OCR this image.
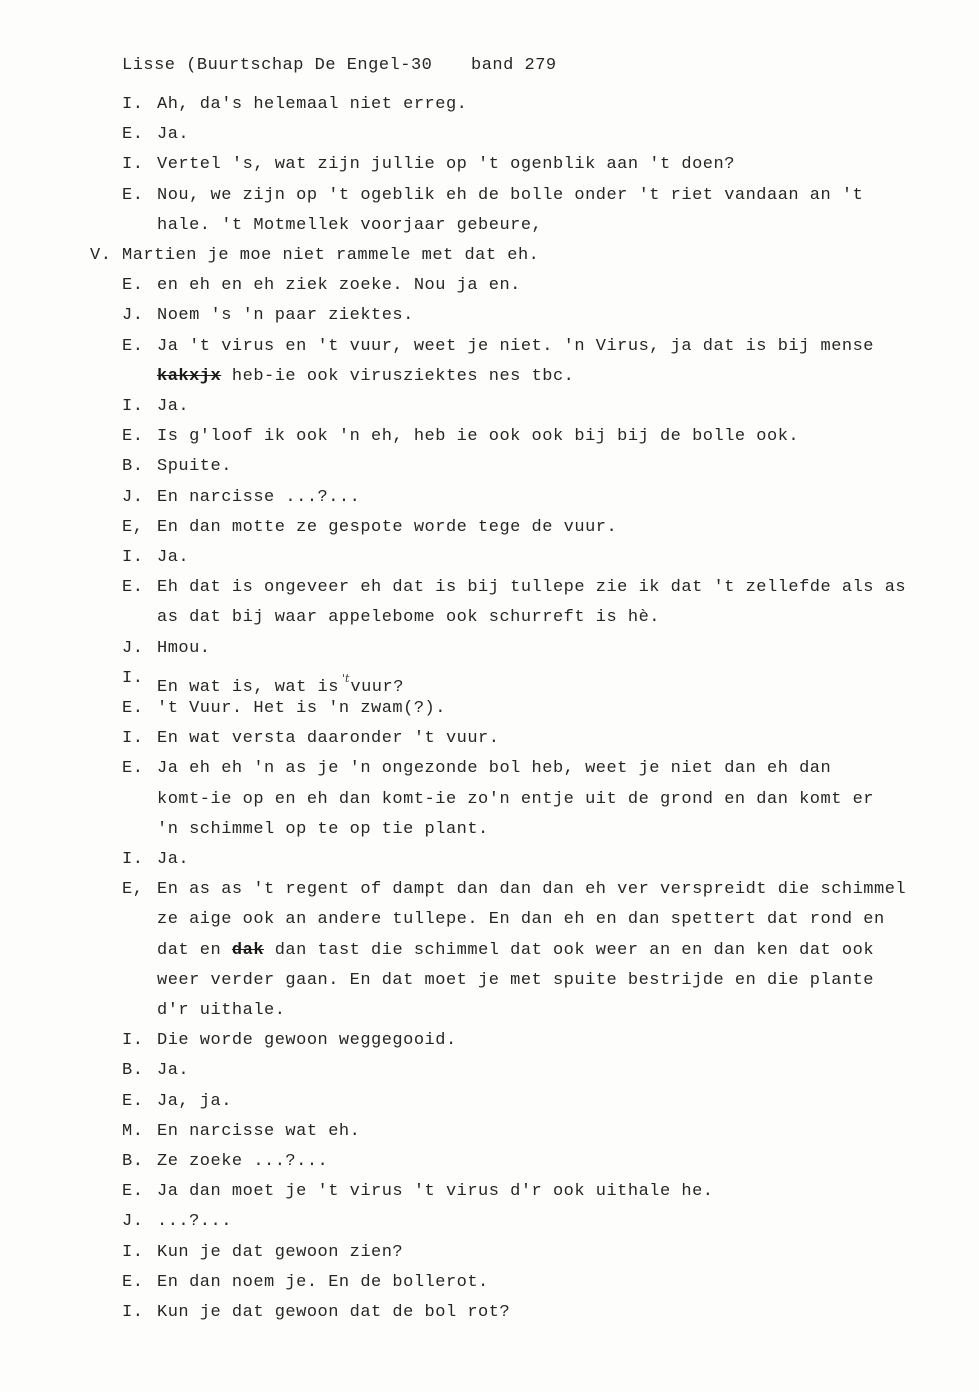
Lisse (Buurtschap De Engel-30 band 279
I. Ah, da's helemaal niet erreg.
E. Ja.
I. Vertel 's, wat zijn jullie op 't ogenblik aan 't doen?
E. Nou, we zijn op 't ogeblik eh de bolle onder 't riet vandaan an 't
hale. 't Motmellek voorjaar gebeure,
V. Martien je moe niet rammele met dat eh.
E. en eh en eh ziek zoeke. Nou ja en.
J. Noem 's 'n paar ziektes.
E. Ja 't virus en 't vuur, weet je niet. 'n Virus, ja dat is bij mense
kakxjx heb-ie ook virusziektes nes tbc.
I. Ja.
E. Is g'loof ik ook 'n eh, heb ie ook ook bij bij de bolle ook.
B. Spuite.
J. En narcisse ...?...
E, En dan motte ze gespote worde tege de vuur.
I. Ja.
E. Eh dat is ongeveer eh dat is bij tullepe zie ik dat 't zellefde als as
as dat bij waar appelebome ook schurreft is hè.
J. Hmou.
I. En wat is, wat is $^{'t}$vuur?
E. 't Vuur. Het is 'n zwam(?).
I. En wat versta daaronder 't vuur.
E. Ja eh eh 'n as je 'n ongezonde bol heb, weet je niet dan eh dan
komt-ie op en eh dan komt-ie zo'n entje uit de grond en dan komt er
'n schimmel op te op tie plant.
I. Ja.
E, En as as 't regent of dampt dan dan dan eh ver verspreidt die schimmel
ze aige ook an andere tullepe. En dan eh en dan spettert dat rond en
dat en dak dan tast die schimmel dat ook weer an en dan ken dat ook
weer verder gaan. En dat moet je met spuite bestrijde en die plante
d'r uithale.
I. Die worde gewoon weggegooid.
B. Ja.
E. Ja, ja.
M. En narcisse wat eh.
B. Ze zoeke ...?...
E. Ja dan moet je 't virus 't virus d'r ook uithale he.
J. ...?...
I. Kun je dat gewoon zien?
E. En dan noem je. En de bollerot.
I. Kun je dat gewoon dat de bol rot?
